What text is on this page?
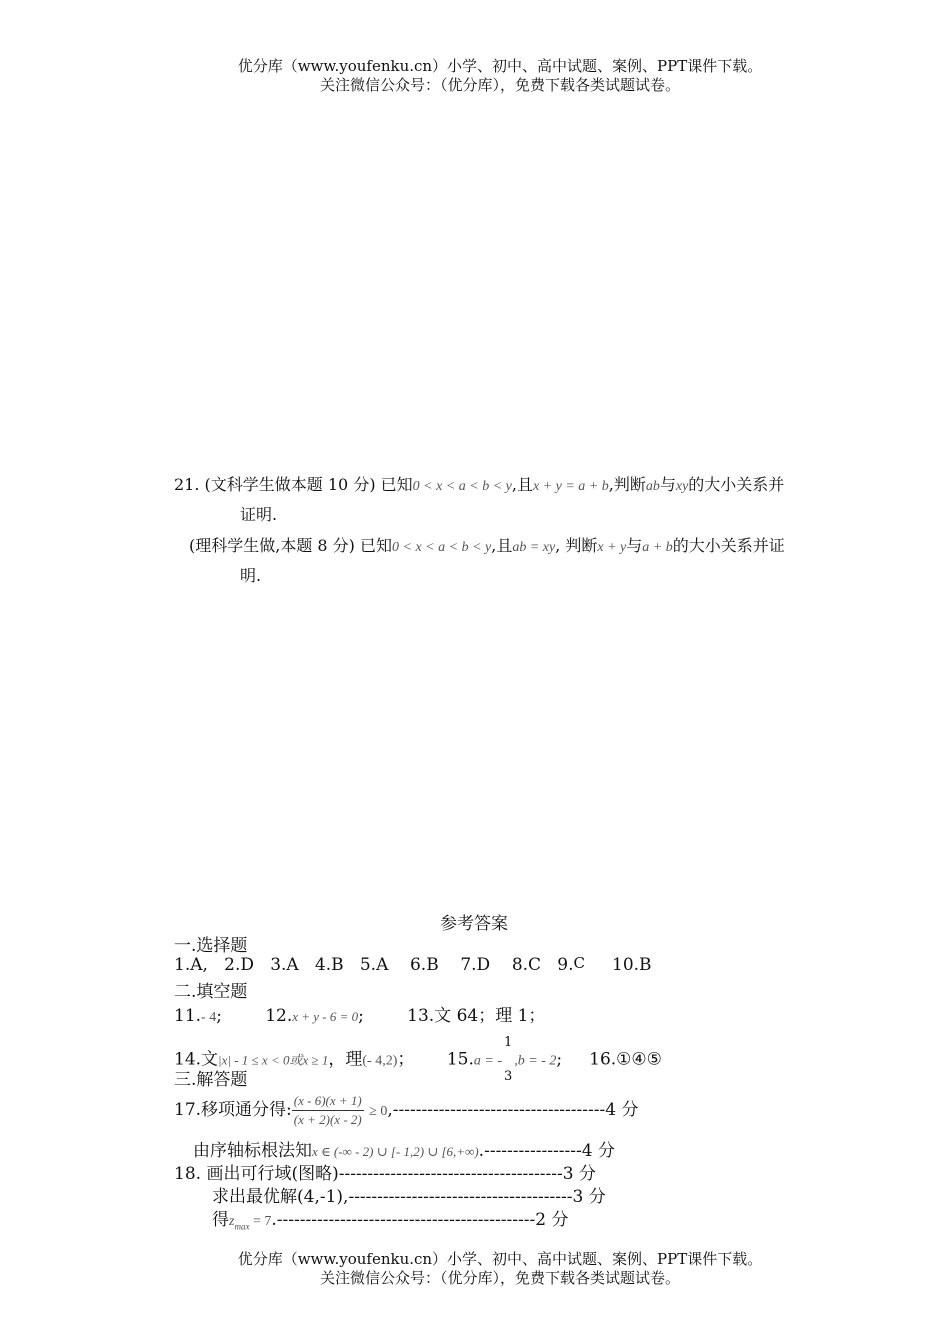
优分库（www.youfenku.cn）小学、初中、高中试题、案例、PPT课件下载。
关注微信公众号：（优分库），免费下载各类试题试卷。
21. (文科学生做本题 10 分) 已知0 < x < a < b < y,且x + y = a + b,判断ab与xy的大小关系并
证明.
(理科学生做,本题 8 分) 已知0 < x < a < b < y,且ab = xy, 判断x + y与a + b的大小关系并证
明.
参考答案
一.选择题
1.A, 2.D 3.A 4.B 5.A 6.B 7.D 8.C 9.C 10.B
二.填空题
11.- 4;	12.x + y - 6 = 0;	13.文 64；理 1；
14.文|x| - 1 ≤ x < 0或x ≥ 1，理(- 4,2)； 15.a = -
1
3
,b = - 2; 16.①④⑤
三.解答题
17.移项通分得: $\frac{(x - 6)(x + 1)}{(x + 2)(x - 2)} \ge 0,-------------------------------------4$ 分
由序轴标根法知x ∈ (-∞ - 2) ∪ [- 1,2) ∪ [6,+∞).-----------------4 分
18. 画出可行域(图略)---------------------------------------3 分
求出最优解(4,-1),---------------------------------------3 分
得$z_{max} = 7.---------------------------------------------2$ 分
优分库（www.youfenku.cn）小学、初中、高中试题、案例、PPT课件下载。
关注微信公众号：（优分库），免费下载各类试题试卷。
